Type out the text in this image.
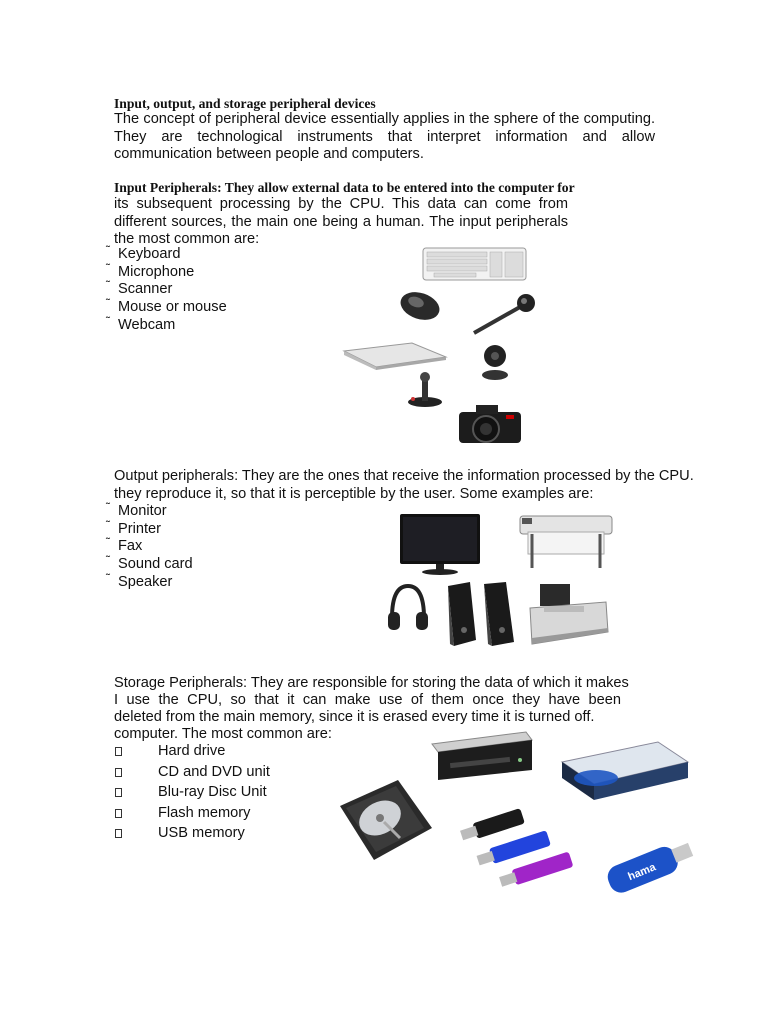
Input, output, and storage peripheral devices

The concept of peripheral device essentially applies in the sphere of the computing. They are technological instruments that interpret information and allow communication between people and computers.

Input Peripherals: They allow external data to be entered into the computer for

its subsequent processing by the CPU. This data can come from
different sources, the main one being a human. The input peripherals
the most common are:
˜ Keyboard
˜ Microphone
˜ Scanner
˜ Mouse or mouse
˜ Webcam

Output peripherals: They are the ones that receive the information processed by the CPU.

they reproduce it, so that it is perceptible by the user. Some examples are:

˜ Monitor
˜ Printer
˜ Fax
˜ Sound card
˜ Speaker

Storage Peripherals: They are responsible for storing the data of which it makes

I use the CPU, so that it can make use of them once they have been

deleted from the main memory, since it is erased every time it is turned off.

computer. The most common are:

Hard drive
CD and DVD unit
Blu-ray Disc Unit
Flash memory
USB memory
hama
